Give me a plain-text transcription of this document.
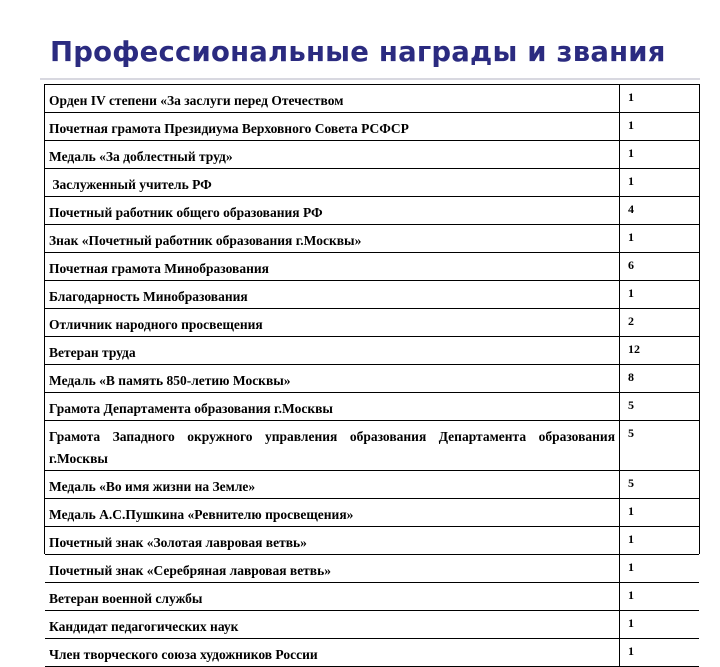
Профессиональные награды и звания
Орден IV степени «За заслуги перед Отечеством	1
Почетная грамота Президиума Верховного Совета РСФСР	1
Медаль «За доблестный труд»	1
Заслуженный учитель РФ	1
Почетный работник общего образования РФ	4
Знак «Почетный работник образования г.Москвы»	1
Почетная грамота Минобразования	6
Благодарность Минобразования	1
Отличник народного просвещения	2
Ветеран труда	12
Медаль «В память 850-летию Москвы»	8
Грамота Департамента образования г.Москвы	5
Грамота Западного окружного управления образования Департамента образования г.Москвы	5
Медаль «Во имя жизни на Земле»	5
Медаль А.С.Пушкина «Ревнителю просвещения»	1
Почетный знак «Золотая лавровая ветвь»	1
Почетный знак «Серебряная лавровая ветвь»	1
Ветеран военной службы	1
Кандидат педагогических наук	1
Член творческого союза художников России	1
